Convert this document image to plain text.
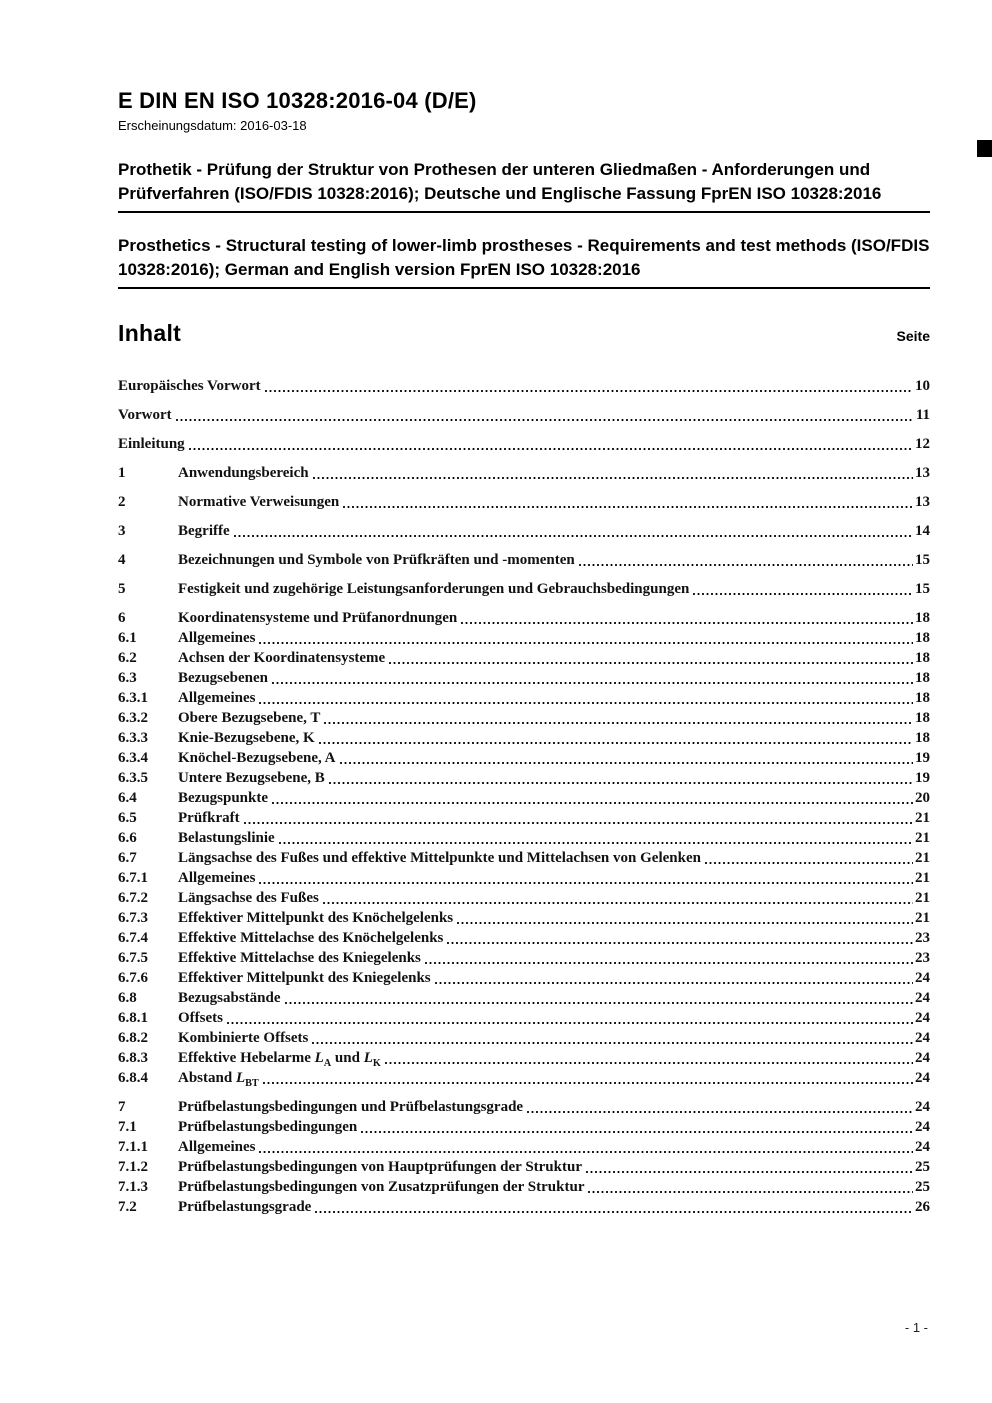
E DIN EN ISO 10328:2016-04 (D/E)
Erscheinungsdatum: 2016-03-18
Prothetik - Prüfung der Struktur von Prothesen der unteren Gliedmaßen - Anforderungen und Prüfverfahren (ISO/FDIS 10328:2016); Deutsche und Englische Fassung FprEN ISO 10328:2016
Prosthetics - Structural testing of lower-limb prostheses - Requirements and test methods (ISO/FDIS 10328:2016); German and English version FprEN ISO 10328:2016
Inhalt	Seite
Europäisches Vorwort	10
Vorwort	11
Einleitung	12
1	Anwendungsbereich	13
2	Normative Verweisungen	13
3	Begriffe	14
4	Bezeichnungen und Symbole von Prüfkräften und -momenten	15
5	Festigkeit und zugehörige Leistungsanforderungen und Gebrauchsbedingungen	15
6	Koordinatensysteme und Prüfanordnungen	18
6.1	Allgemeines	18
6.2	Achsen der Koordinatensysteme	18
6.3	Bezugsebenen	18
6.3.1	Allgemeines	18
6.3.2	Obere Bezugsebene, T	18
6.3.3	Knie-Bezugsebene, K	18
6.3.4	Knöchel-Bezugsebene, A	19
6.3.5	Untere Bezugsebene, B	19
6.4	Bezugspunkte	20
6.5	Prüfkraft	21
6.6	Belastungslinie	21
6.7	Längsachse des Fußes und effektive Mittelpunkte und Mittelachsen von Gelenken	21
6.7.1	Allgemeines	21
6.7.2	Längsachse des Fußes	21
6.7.3	Effektiver Mittelpunkt des Knöchelgelenks	21
6.7.4	Effektive Mittelachse des Knöchelgelenks	23
6.7.5	Effektive Mittelachse des Kniegelenks	23
6.7.6	Effektiver Mittelpunkt des Kniegelenks	24
6.8	Bezugsabstände	24
6.8.1	Offsets	24
6.8.2	Kombinierte Offsets	24
6.8.3	Effektive Hebelarme $L_A$ und $L_K$	24
6.8.4	Abstand $L_{BT}$	24
7	Prüfbelastungsbedingungen und Prüfbelastungsgrade	24
7.1	Prüfbelastungsbedingungen	24
7.1.1	Allgemeines	24
7.1.2	Prüfbelastungsbedingungen von Hauptprüfungen der Struktur	25
7.1.3	Prüfbelastungsbedingungen von Zusatzprüfungen der Struktur	25
7.2	Prüfbelastungsgrade	26
- 1 -
